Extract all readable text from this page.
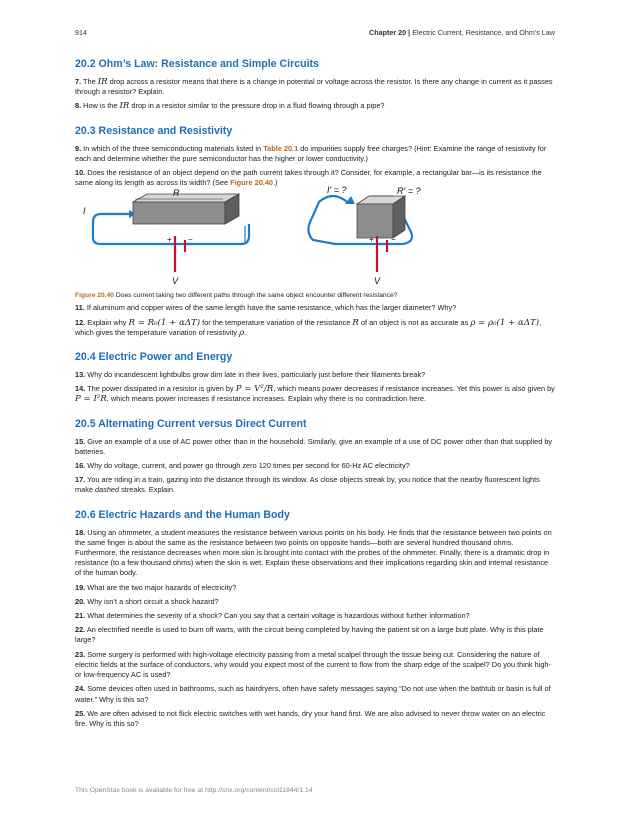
914	Chapter 20 | Electric Current, Resistance, and Ohm's Law
20.2 Ohm’s Law: Resistance and Simple Circuits

7. The IR drop across a resistor means that there is a change in potential or voltage across the resistor. Is there any change in current as it passes through a resistor? Explain.

8. How is the IR drop in a resistor similar to the pressure drop in a fluid flowing through a pipe?

20.3 Resistance and Resistivity

9. In which of the three semiconducting materials listed in Table 20.1 do impurities supply free charges? (Hint: Examine the range of resistivity for each and determine whether the pure semiconductor has the higher or lower conductivity.)

10. Does the resistance of an object depend on the path current takes through it? Consider, for example, a rectangular bar—is its resistance the same along its length as across its width? (See Figure 20.40.)

I
R
+ −
V
I′ = ?	R′ = ?
+ −
V

Figure 20.40 Does current taking two different paths through the same object encounter different resistance?

11. If aluminum and copper wires of the same length have the same resistance, which has the larger diameter? Why?

12. Explain why R = R₀(1 + αΔT) for the temperature variation of the resistance R of an object is not as accurate as ρ = ρ₀(1 + αΔT), which gives the temperature variation of resistivity ρ.

20.4 Electric Power and Energy

13. Why do incandescent lightbulbs grow dim late in their lives, particularly just before their filaments break?

14. The power dissipated in a resistor is given by P = V²/R, which means power decreases if resistance increases. Yet this power is also given by P = I²R, which means power increases if resistance increases. Explain why there is no contradiction here.

20.5 Alternating Current versus Direct Current

15. Give an example of a use of AC power other than in the household. Similarly, give an example of a use of DC power other than that supplied by batteries.

16. Why do voltage, current, and power go through zero 120 times per second for 60-Hz AC electricity?

17. You are riding in a train, gazing into the distance through its window. As close objects streak by, you notice that the nearby fluorescent lights make dashed streaks. Explain.

20.6 Electric Hazards and the Human Body

18. Using an ohmmeter, a student measures the resistance between various points on his body. He finds that the resistance between two points on the same finger is about the same as the resistance between two points on opposite hands—both are several hundred thousand ohms. Furthermore, the resistance decreases when more skin is brought into contact with the probes of the ohmmeter. Finally, there is a dramatic drop in resistance (to a few thousand ohms) when the skin is wet. Explain these observations and their implications regarding skin and internal resistance of the human body.

19. What are the two major hazards of electricity?

20. Why isn’t a short circuit a shock hazard?

21. What determines the severity of a shock? Can you say that a certain voltage is hazardous without further information?

22. An electrified needle is used to burn off warts, with the circuit being completed by having the patient sit on a large butt plate. Why is this plate large?

23. Some surgery is performed with high-voltage electricity passing from a metal scalpel through the tissue being cut. Considering the nature of electric fields at the surface of conductors, why would you expect most of the current to flow from the sharp edge of the scalpel? Do you think high- or low-frequency AC is used?

24. Some devices often used in bathrooms, such as hairdryers, often have safety messages saying “Do not use when the bathtub or basin is full of water.” Why is this so?

25. We are often advised to not flick electric switches with wet hands, dry your hand first. We are also advised to never throw water on an electric fire. Why is this so?

This OpenStax book is available for free at http://cnx.org/content/col11844/1.14
